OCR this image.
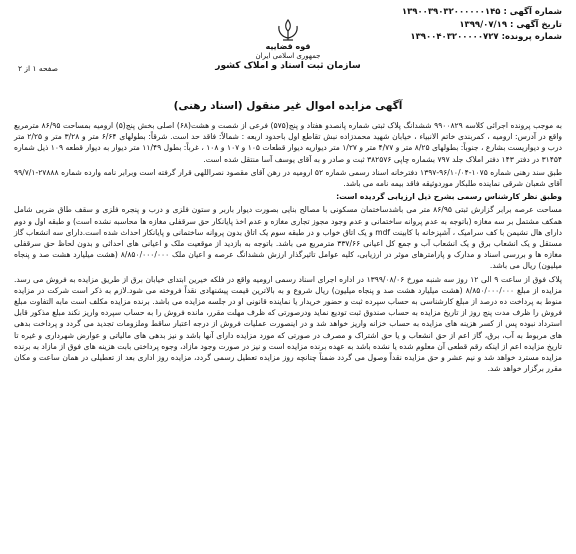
شماره آگهی : ۱۳۹۰۰۳۹۰۳۲۰۰۰۰۰۰۱۴۵
تاریخ آگهی : ۱۳۹۹/۰۷/۱۹
شماره پرونده: ۱۳۹۰۰۴۰۳۲۰۰۰۰۰۷۲۷
قوه قضاییه
جمهوری اسلامی ایران
سازمان ثبت اسناد و املاک کشور
صفحه ۱ از ۲
آگهی مزایده اموال غیر منقول (اسناد رهنی)

به موجب پرونده اجرائی کلاسه ۹۹۰۰۸۲۹ ششدانگ پلاک ثبتی شماره پانصدو هفتاد و پنج(۵۷۵) فرعی از شصت و هشت(۶۸) اصلی بخش پنج(۵) ارومیه بمساحت ۸۶/۹۵ مترمربع واقع در آدرس: ارومیه ، کمربندی خاتم الانبیاء ، خیابان شهید محمدزاده نبش تقاطع اول باحدود اربعه : شمالاً: فاقد حد است. شرقاً: بطولهای ۶/۶۴ متر و ۳/۲۸ متر و ۲/۲۵ متر درب و دیواریست بشارع ، جنوباً: بطولهای ۸/۲۵ متر و ۴/۷۷ متر و ۱/۲۷ متر دیواریه دیوار قطعات ۱۰۵ و ۱۰۷ و ۱۰۸ ، غرباً: بطول ۱۱/۴۹ متر دیوار به دیوار قطعه ۱۰۹ ذیل شماره ۳۱۴۵۴ در دفتر ۱۴۳ دفتر املاک جلد ۷۹۷ بشماره چاپی ۳۸۲۵۷۶ ثبت و صادر و به آقای یوسف آسا منتقل شده است.

طبق سند رهنی شماره ۱۰۷۵-۹۶/۱۰/۰۴-۱۳۹۷ دفترخانه اسناد رسمی شماره ۵۲ ارومیه در رهن آقای مقصود نصراللهی قرار گرفته است وبرابر نامه وارده شماره ۲۷۸۸۸-۹۹/۷/۱ آقای شعبان شرقی نماینده طلبکار موردوثیقه فاقد بیمه نامه می باشد.

وطبق نظر کارشناس رسمی بشرح ذیل ارزیابی گردیده است:

مساحت عرصه برابر گزارش ثبتی ۸۶/۹۵ متر می باشدساختمان مسکونی با مصالح بنایی بصورت دیوار باربر و ستون فلزی و درب و پنجره فلزی و سقف طاق ضربی شامل همکف مشتمل بر سه مغازه (باتوجه به عدم پروانه ساختمانی و عدم وجود مجوز تجاری مغازه و عدم اخذ پایانکار حق سرقفلی مغازه ها محاسبه نشده است) و طبقه اول و دوم دارای هال نشیمن با کف سرامیک ، آشپزخانه با کابینت mdf و یک اتاق خواب و در طبقه سوم یک اتاق بدون پروانه ساختمانی و پایانکار احداث شده است.دارای سه انشعاب گاز مستقل و یک انشعاب برق و یک انشعاب آب و جمع کل اعیانی ۳۳۷/۶۶ مترمربع می باشد. باتوجه به بازدید از موقعیت ملک و اعیانی های احداثی و بدون لحاظ حق سرقفلی مغازه ها و بررسی اسناد و مدارک و پارامترهای موثر در ارزیابی، کلیه عوامل تاثیرگذار ارزش ششدانگ عرصه و اعیان ملک ۸/۸۵۰/۰۰۰/۰۰۰ (هشت میلیارد هشت صد و پنجاه میلیون) ریال می باشد.

پلاک فوق از ساعت ۹ الی ۱۲ روز سه شنبه مورخ ۱۳۹۹/۰۸/۰۶ در اداره اجرای اسناد رسمی ارومیه واقع در فلکه خیرین ابتدای خیابان برق از طریق مزایده به فروش می رسد. مزایده از مبلغ ۸/۸۵۰/۰۰۰/۰۰۰ (هشت میلیارد هشت صد و پنجاه میلیون) ریال شروع و به بالاترین قیمت پیشنهادی نقداً فروخته می شود.لازم به ذکر است شرکت در مزایده منوط به پرداخت ده درصد از مبلغ کارشناسی به حساب سپرده ثبت و حضور خریدار یا نماینده قانونی او در جلسه مزایده می باشد. برنده مزایده مکلف است مابه التفاوت مبلغ فروش را ظرف مدت پنج روز از تاریخ مزایده به حساب صندوق ثبت تودیع نماید ودرصورتی که ظرف مهلت مقرر، مانده فروش را به حساب سپرده واریز نکند مبلغ مذکور قابل استرداد نبوده پس از کسر هزینه های مزایده به حساب خزانه واریز خواهد شد و در اینصورت عملیات فروش از درجه اعتبار ساقط وملزومات تجدید می گردد و پرداخت بدهی های مربوط به آب، برق، گاز اعم از حق انشعاب و یا حق اشتراک و مصرف در صورتی که مورد مزایده دارای آنها باشد و نیز بدهی های مالیاتی و عوارض شهرداری و غیره تا تاریخ مزایده اعم از اینکه رقم قطعی آن معلوم شده یا نشده باشد به عهده برنده مزایده است و نیز در صورت وجود مازاد، وجوه پرداختی بابت هزینه های فوق از مازاد به برنده مزایده مسترد خواهد شد و نیم عشر و حق مزایده نقداً وصول می گردد ضمناً چنانچه روز مزایده تعطیل رسمی گردد، مزایده روز اداری بعد از تعطیلی در همان ساعت و مکان مقرر برگزار خواهد شد.
